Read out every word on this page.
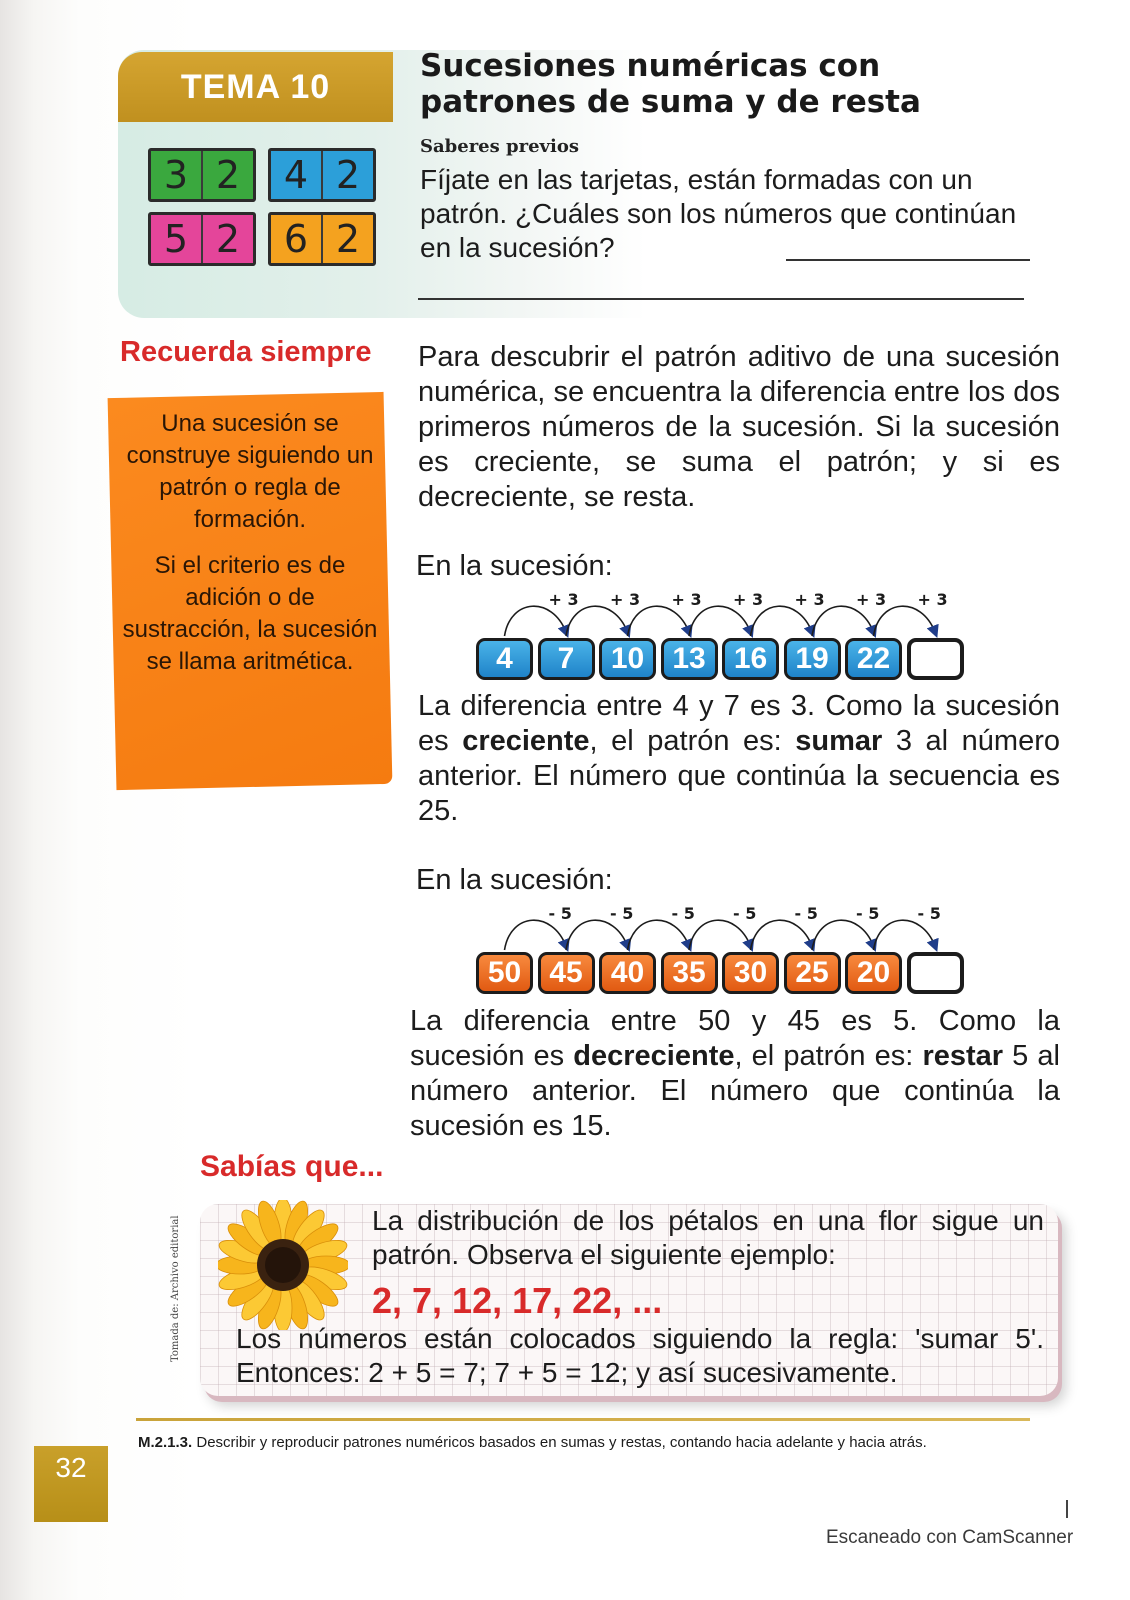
TEMA 10
Sucesiones numéricas con
patrones de suma y de resta
3 2	4 2
5 2	6 2
Saberes previos
Fíjate en las tarjetas, están formadas con un patrón. ¿Cuáles son los números que continúan en la sucesión?
Recuerda siempre

Una sucesión se construye siguiendo un patrón o regla de formación.

Si el criterio es de adición o de sustracción, la sucesión se llama aritmética.

Para descubrir el patrón aditivo de una sucesión numérica, se encuentra la diferencia entre los dos primeros números de la sucesión. Si la sucesión es creciente, se suma el patrón; y si es decreciente, se resta.
En la sucesión:
+ 3 + 3 + 3 + 3 + 3 + 3 + 3
4	7	10 13 16 19 22
La diferencia entre 4 y 7 es 3. Como la sucesión es creciente, el patrón es: sumar 3 al número anterior. El número que continúa la secuencia es 25.
En la sucesión:
- 5 - 5 - 5 - 5 - 5 - 5 - 5
50 45 40 35 30 25 20
La diferencia entre 50 y 45 es 5. Como la sucesión es decreciente, el patrón es: restar 5 al número anterior. El número que continúa la sucesión es 15.
Sabías que...
Tomada de: Archivo editorial	La distribución de los pétalos en una flor sigue un patrón. Observa el siguiente ejemplo:
2, 7, 12, 17, 22, ...
Los números están colocados siguiendo la regla: 'sumar 5'.
Entonces: 2 + 5 = 7; 7 + 5 = 12; y así sucesivamente.
32
M.2.1.3. Describir y reproducir patrones numéricos basados en sumas y restas, contando hacia adelante y hacia atrás.
Escaneado con CamScanner
